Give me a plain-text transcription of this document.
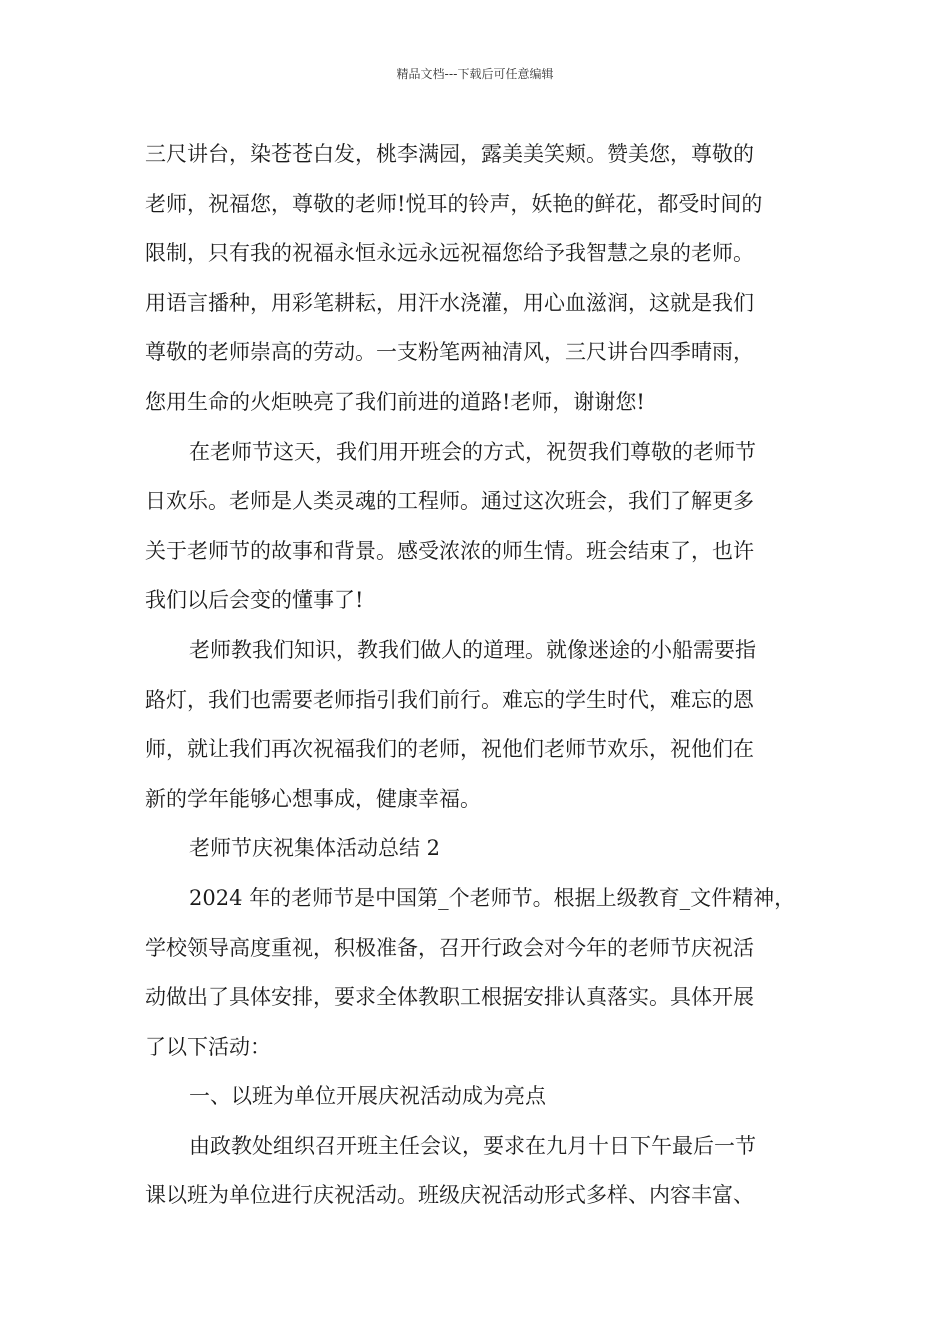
精品文档---下载后可任意编辑
三尺讲台，染苍苍白发，桃李满园，露美美笑颊。赞美您，尊敬的
老师，祝福您，尊敬的老师!悦耳的铃声，妖艳的鲜花，都受时间的
限制，只有我的祝福永恒永远永远祝福您给予我智慧之泉的老师。
用语言播种，用彩笔耕耘，用汗水浇灌，用心血滋润，这就是我们
尊敬的老师崇高的劳动。一支粉笔两袖清风，三尺讲台四季晴雨，
您用生命的火炬映亮了我们前进的道路!老师，谢谢您!
在老师节这天，我们用开班会的方式，祝贺我们尊敬的老师节
日欢乐。老师是人类灵魂的工程师。通过这次班会，我们了解更多
关于老师节的故事和背景。感受浓浓的师生情。班会结束了，也许
我们以后会变的懂事了!
老师教我们知识，教我们做人的道理。就像迷途的小船需要指
路灯，我们也需要老师指引我们前行。难忘的学生时代，难忘的恩
师，就让我们再次祝福我们的老师，祝他们老师节欢乐，祝他们在
新的学年能够心想事成，健康幸福。
老师节庆祝集体活动总结 2
2024 年的老师节是中国第_个老师节。根据上级教育_文件精神，
学校领导高度重视，积极准备，召开行政会对今年的老师节庆祝活
动做出了具体安排，要求全体教职工根据安排认真落实。具体开展
了以下活动：
一、以班为单位开展庆祝活动成为亮点
由政教处组织召开班主任会议，要求在九月十日下午最后一节
课以班为单位进行庆祝活动。班级庆祝活动形式多样、内容丰富、
